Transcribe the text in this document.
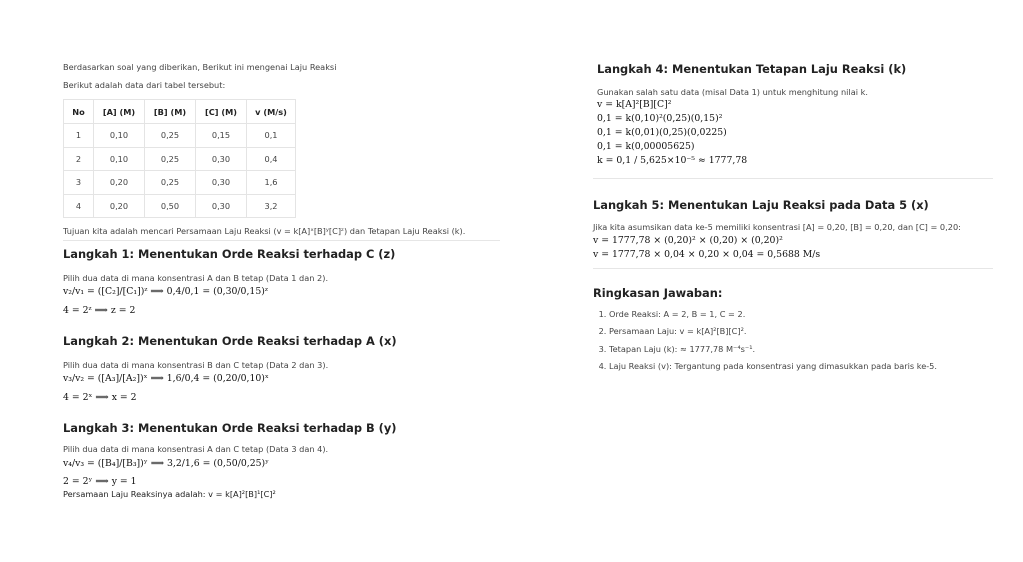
Berdasarkan soal yang diberikan, Berikut ini mengenai Laju Reaksi
Berikut adalah data dari tabel tersebut:
No	[A] (M)	[B] (M)	[C] (M)	v (M/s)
1	0,10	0,25	0,15	0,1
2	0,10	0,25	0,30	0,4
3	0,20	0,25	0,30	1,6
4	0,20	0,50	0,30	3,2
Tujuan kita adalah mencari Persamaan Laju Reaksi (v = k[A]ˣ[B]ʸ[C]ᶻ) dan Tetapan Laju Reaksi (k).
Langkah 1: Menentukan Orde Reaksi terhadap C (z)
Pilih dua data di mana konsentrasi A dan B tetap (Data 1 dan 2).
v₂/v₁ = ([C₂]/[C₁])ᶻ ⟹ 0,4/0,1 = (0,30/0,15)ᶻ
4 = 2ᶻ ⟹ z = 2
Langkah 2: Menentukan Orde Reaksi terhadap A (x)
Pilih dua data di mana konsentrasi B dan C tetap (Data 2 dan 3).
v₃/v₂ = ([A₃]/[A₂])ˣ ⟹ 1,6/0,4 = (0,20/0,10)ˣ
4 = 2ˣ ⟹ x = 2
Langkah 3: Menentukan Orde Reaksi terhadap B (y)
Pilih dua data di mana konsentrasi A dan C tetap (Data 3 dan 4).
v₄/v₃ = ([B₄]/[B₃])ʸ ⟹ 3,2/1,6 = (0,50/0,25)ʸ
2 = 2ʸ ⟹ y = 1
Persamaan Laju Reaksinya adalah: v = k[A]²[B]¹[C]²
Langkah 4: Menentukan Tetapan Laju Reaksi (k)
Gunakan salah satu data (misal Data 1) untuk menghitung nilai k.
v = k[A]²[B][C]²
0,1 = k(0,10)²(0,25)(0,15)²
0,1 = k(0,01)(0,25)(0,0225)
0,1 = k(0,00005625)
k = 0,1 / 5,625×10⁻⁵ ≈ 1777,78
Langkah 5: Menentukan Laju Reaksi pada Data 5 (x)
Jika kita asumsikan data ke-5 memiliki konsentrasi [A] = 0,20, [B] = 0,20, dan [C] = 0,20:
v = 1777,78 × (0,20)² × (0,20) × (0,20)²
v = 1777,78 × 0,04 × 0,20 × 0,04 = 0,5688 M/s
Ringkasan Jawaban:
1. Orde Reaksi: A = 2, B = 1, C = 2.
2. Persamaan Laju: v = k[A]²[B][C]².
3. Tetapan Laju (k): ≈ 1777,78 M⁻⁴s⁻¹.
4. Laju Reaksi (v): Tergantung pada konsentrasi yang dimasukkan pada baris ke-5.
